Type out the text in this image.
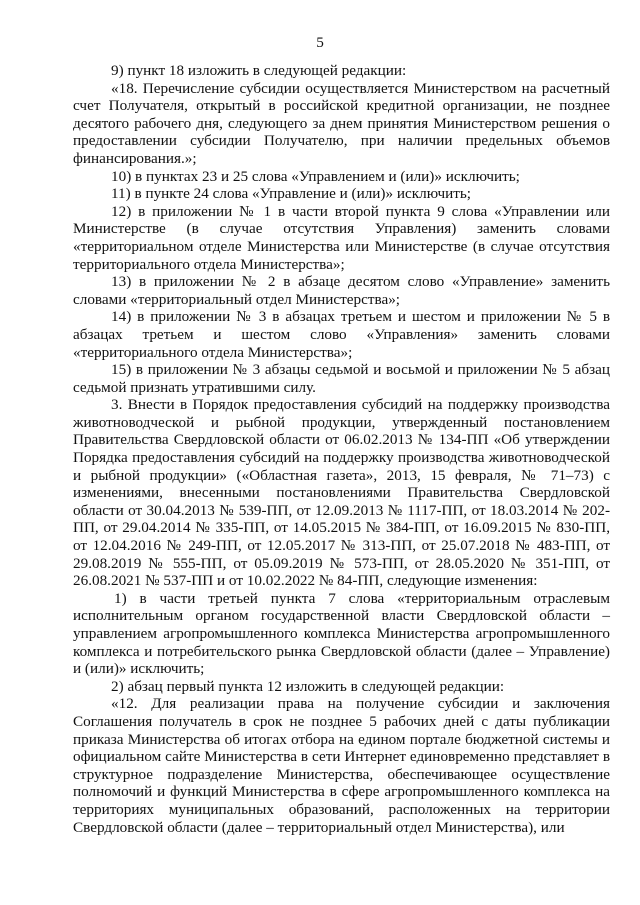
5

9) пункт 18 изложить в следующей редакции:

«18. Перечисление субсидии осуществляется Министерством на расчетный счет Получателя, открытый в российской кредитной организации, не позднее десятого рабочего дня, следующего за днем принятия Министерством решения о предоставлении субсидии Получателю, при наличии предельных объемов финансирования.»;

10) в пунктах 23 и 25 слова «Управлением и (или)» исключить;

11) в пункте 24 слова «Управление и (или)» исключить;

12) в приложении № 1 в части второй пункта 9 слова «Управлении или Министерстве (в случае отсутствия Управления) заменить словами «территориальном отделе Министерства или Министерстве (в случае отсутствия территориального отдела Министерства»;

13) в приложении № 2 в абзаце десятом слово «Управление» заменить словами «территориальный отдел Министерства»;

14) в приложении № 3 в абзацах третьем и шестом и приложении № 5 в абзацах третьем и шестом слово «Управления» заменить словами «территориального отдела Министерства»;

15) в приложении № 3 абзацы седьмой и восьмой и приложении № 5 абзац седьмой признать утратившими силу.

3. Внести в Порядок предоставления субсидий на поддержку производства животноводческой и рыбной продукции, утвержденный постановлением Правительства Свердловской области от 06.02.2013 № 134-ПП «Об утверждении Порядка предоставления субсидий на поддержку производства животноводческой и рыбной продукции» («Областная газета», 2013, 15 февраля, № 71–73) с изменениями, внесенными постановлениями Правительства Свердловской области от 30.04.2013 № 539-ПП, от 12.09.2013 № 1117-ПП, от 18.03.2014 № 202-ПП, от 29.04.2014 № 335-ПП, от 14.05.2015 № 384-ПП, от 16.09.2015 № 830-ПП, от 12.04.2016 № 249-ПП, от 12.05.2017 № 313-ПП, от 25.07.2018 № 483-ПП, от 29.08.2019 № 555-ПП, от 05.09.2019 № 573-ПП, от 28.05.2020 № 351-ПП, от 26.08.2021 № 537-ПП и от 10.02.2022 № 84-ПП, следующие изменения:

1) в части третьей пункта 7 слова «территориальным отраслевым исполнительным органом государственной власти Свердловской области – управлением агропромышленного комплекса Министерства агропромышленного комплекса и потребительского рынка Свердловской области (далее – Управление) и (или)» исключить;

2) абзац первый пункта 12 изложить в следующей редакции:

«12. Для реализации права на получение субсидии и заключения Соглашения получатель в срок не позднее 5 рабочих дней с даты публикации приказа Министерства об итогах отбора на едином портале бюджетной системы и официальном сайте Министерства в сети Интернет единовременно представляет в структурное подразделение Министерства, обеспечивающее осуществление полномочий и функций Министерства в сфере агропромышленного комплекса на территориях муниципальных образований, расположенных на территории Свердловской области (далее – территориальный отдел Министерства), или
